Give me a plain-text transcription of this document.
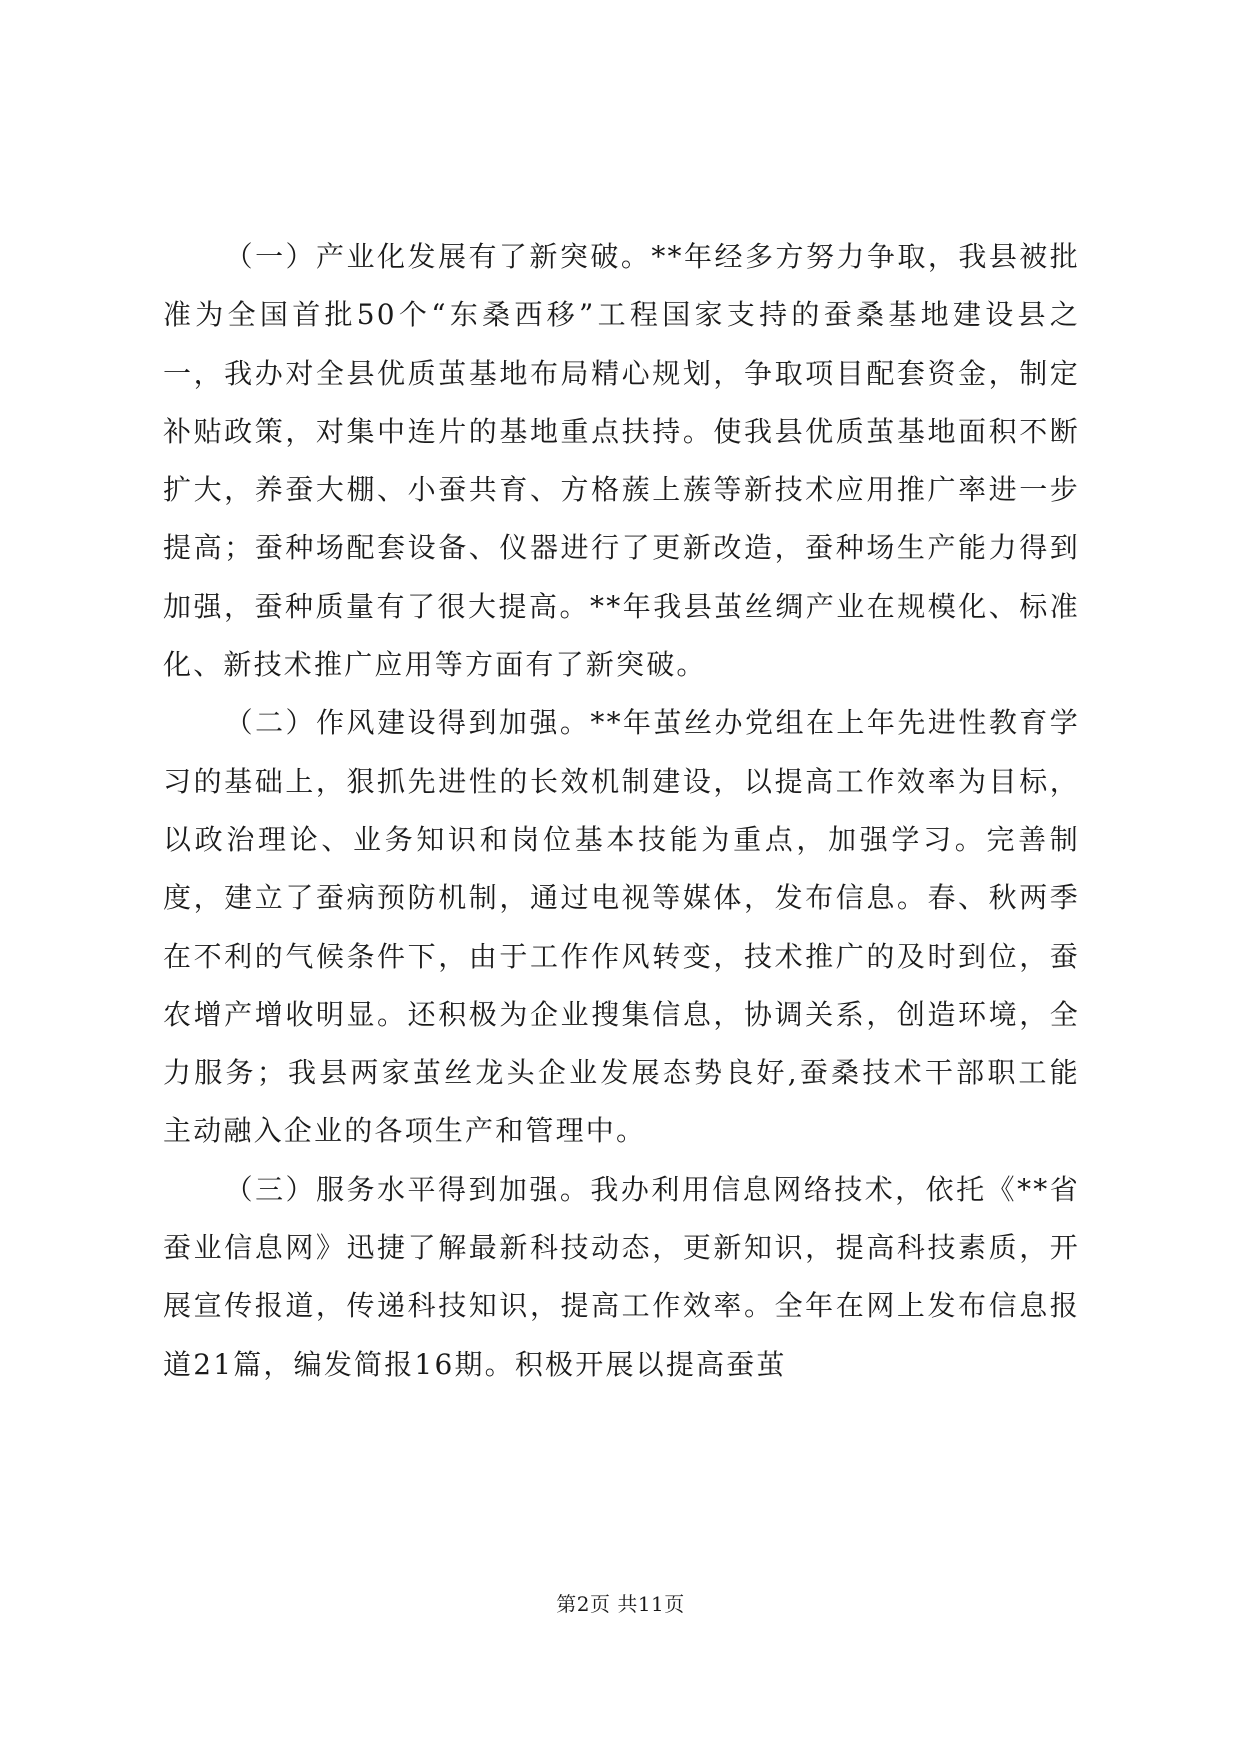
（一）产业化发展有了新突破。**年经多方努力争取，我县被批准为全国首批50个“东桑西移”工程国家支持的蚕桑基地建设县之一，我办对全县优质茧基地布局精心规划，争取项目配套资金，制定补贴政策，对集中连片的基地重点扶持。使我县优质茧基地面积不断扩大，养蚕大棚、小蚕共育、方格蔟上蔟等新技术应用推广率进一步提高；蚕种场配套设备、仪器进行了更新改造，蚕种场生产能力得到加强，蚕种质量有了很大提高。**年我县茧丝绸产业在规模化、标准化、新技术推广应用等方面有了新突破。

（二）作风建设得到加强。**年茧丝办党组在上年先进性教育学习的基础上，狠抓先进性的长效机制建设，以提高工作效率为目标，以政治理论、业务知识和岗位基本技能为重点，加强学习。完善制度，建立了蚕病预防机制，通过电视等媒体，发布信息。春、秋两季在不利的气候条件下，由于工作作风转变，技术推广的及时到位，蚕农增产增收明显。还积极为企业搜集信息，协调关系，创造环境，全力服务；我县两家茧丝龙头企业发展态势良好,蚕桑技术干部职工能主动融入企业的各项生产和管理中。

（三）服务水平得到加强。我办利用信息网络技术，依托《**省蚕业信息网》迅捷了解最新科技动态，更新知识，提高科技素质，开展宣传报道，传递科技知识，提高工作效率。全年在网上发布信息报道21篇，编发简报16期。积极开展以提高蚕茧

第2页 共11页
